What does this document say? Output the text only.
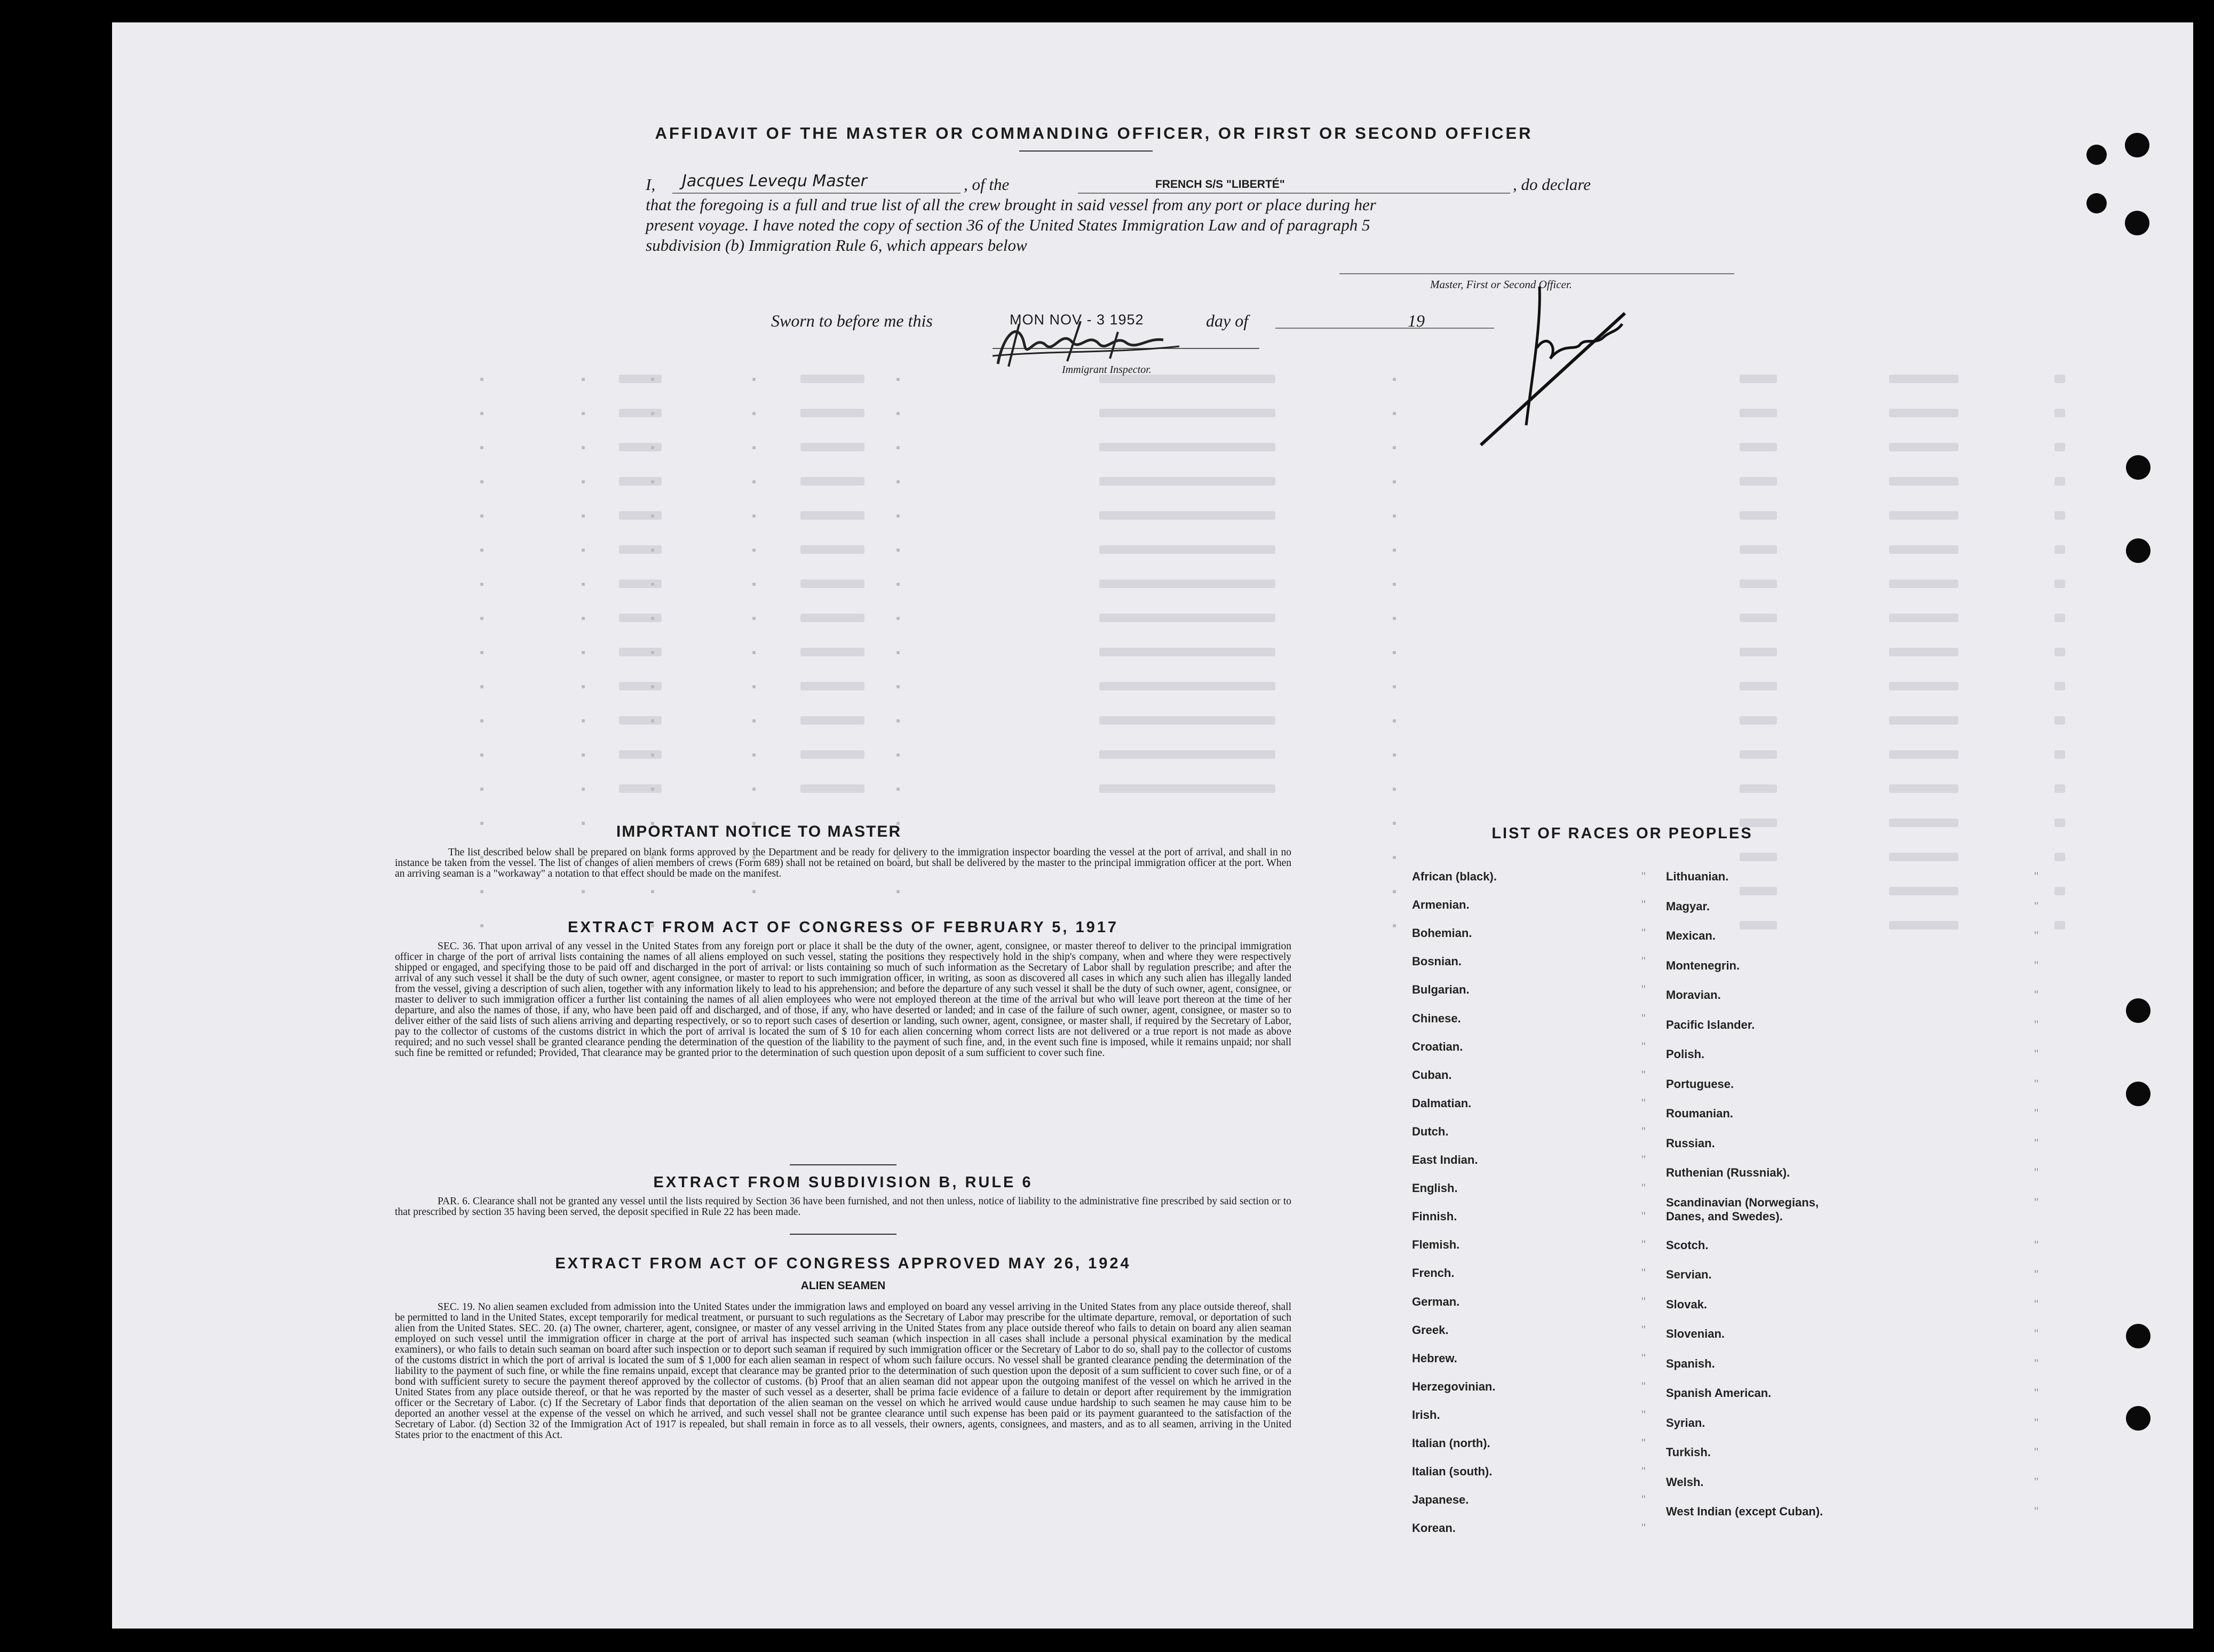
AFFIDAVIT OF THE MASTER OR COMMANDING OFFICER, OR FIRST OR SECOND OFFICER
I, Jacques Levequ Master	, of the	FRENCH S/S "LIBERTÉ"	, do declare
that the foregoing is a full and true list of all the crew brought in said vessel from any port or place during her
present voyage. I have noted the copy of section 36 of the United States Immigration Law and of paragraph 5
subdivision (b) Immigration Rule 6, which appears below
Master, First or Second Officer.
Sworn to before me this	MON NOV - 3 1952	day of	19
Immigrant Inspector.
IMPORTANT NOTICE TO MASTER
The list described below shall be prepared on blank forms approved by the Department and be ready for delivery to the immigration inspector boarding the vessel at the port of arrival, and shall in no instance be taken from the vessel. The list of changes of alien members of crews (Form 689) shall not be retained on board, but shall be delivered by the master to the principal immigration officer at the port. When an arriving seaman is a "workaway" a notation to that effect should be made on the manifest.
EXTRACT FROM ACT OF CONGRESS OF FEBRUARY 5, 1917
SEC. 36. That upon arrival of any vessel in the United States from any foreign port or place it shall be the duty of the owner, agent, consignee, or master thereof to deliver to the principal immigration officer in charge of the port of arrival lists containing the names of all aliens employed on such vessel, stating the positions they respectively hold in the ship's company, when and where they were respectively shipped or engaged, and specifying those to be paid off and discharged in the port of arrival: or lists containing so much of such information as the Secretary of Labor shall by regulation prescribe; and after the arrival of any such vessel it shall be the duty of such owner, agent consignee, or master to report to such immigration officer, in writing, as soon as discovered all cases in which any such alien has illegally landed from the vessel, giving a description of such alien, together with any information likely to lead to his apprehension; and before the departure of any such vessel it shall be the duty of such owner, agent, consignee, or master to deliver to such immigration officer a further list containing the names of all alien employees who were not employed thereon at the time of the arrival but who will leave port thereon at the time of her departure, and also the names of those, if any, who have been paid off and discharged, and of those, if any, who have deserted or landed; and in case of the failure of such owner, agent, consignee, or master so to deliver either of the said lists of such aliens arriving and departing respectively, or so to report such cases of desertion or landing, such owner, agent, consignee, or master shall, if required by the Secretary of Labor, pay to the collector of customs of the customs district in which the port of arrival is located the sum of $ 10 for each alien concerning whom correct lists are not delivered or a true report is not made as above required; and no such vessel shall be granted clearance pending the determination of the question of the liability to the payment of such fine, and, in the event such fine is imposed, while it remains unpaid; nor shall such fine be remitted or refunded; Provided, That clearance may be granted prior to the determination of such question upon deposit of a sum sufficient to cover such fine.
EXTRACT FROM SUBDIVISION B, RULE 6
PAR. 6. Clearance shall not be granted any vessel until the lists required by Section 36 have been furnished, and not then unless, notice of liability to the administrative fine prescribed by said section or to that prescribed by section 35 having been served, the deposit specified in Rule 22 has been made.
EXTRACT FROM ACT OF CONGRESS APPROVED MAY 26, 1924
ALIEN SEAMEN
SEC. 19. No alien seamen excluded from admission into the United States under the immigration laws and employed on board any vessel arriving in the United States from any place outside thereof, shall be permitted to land in the United States, except temporarily for medical treatment, or pursuant to such regulations as the Secretary of Labor may prescribe for the ultimate departure, removal, or deportation of such alien from the United States. SEC. 20. (a) The owner, charterer, agent, consignee, or master of any vessel arriving in the United States from any place outside thereof who fails to detain on board any alien seaman employed on such vessel until the immigration officer in charge at the port of arrival has inspected such seaman (which inspection in all cases shall include a personal physical examination by the medical examiners), or who fails to detain such seaman on board after such inspection or to deport such seaman if required by such immigration officer or the Secretary of Labor to do so, shall pay to the collector of customs of the customs district in which the port of arrival is located the sum of $ 1,000 for each alien seaman in respect of whom such failure occurs. No vessel shall be granted clearance pending the determination of the liability to the payment of such fine, or while the fine remains unpaid, except that clearance may be granted prior to the determination of such question upon the deposit of a sum sufficient to cover such fine, or of a bond with sufficient surety to secure the payment thereof approved by the collector of customs. (b) Proof that an alien seaman did not appear upon the outgoing manifest of the vessel on which he arrived in the United States from any place outside thereof, or that he was reported by the master of such vessel as a deserter, shall be prima facie evidence of a failure to detain or deport after requirement by the immigration officer or the Secretary of Labor. (c) If the Secretary of Labor finds that deportation of the alien seaman on the vessel on which he arrived would cause undue hardship to such seamen he may cause him to be deported an another vessel at the expense of the vessel on which he arrived, and such vessel shall not be grantee clearance until such expense has been paid or its payment guaranteed to the satisfaction of the Secretary of Labor. (d) Section 32 of the Immigration Act of 1917 is repealed, but shall remain in force as to all vessels, their owners, agents, consignees, and masters, and as to all seamen, arriving in the United States prior to the enactment of this Act.
LIST OF RACES OR PEOPLES
African (black).	"
Armenian.	"
Bohemian.	"
Bosnian.	"
Bulgarian.	"
Chinese.	"
Croatian.	"
Cuban.	"
Dalmatian.	"
Dutch.	"
East Indian.	"
English.	"
Finnish.	"
Flemish.	"
French.	"
German.	"
Greek.	"
Hebrew.	"
Herzegovinian.	"
Irish.	"
Italian (north).	"
Italian (south).	"
Japanese.	"
Korean.	"
Lithuanian.	"
Magyar.	"
Mexican.	"
Montenegrin.	"
Moravian.	"
Pacific Islander.	"
Polish.	"
Portuguese.	"
Roumanian.	"
Russian.	"
Ruthenian (Russniak).	"
Scandinavian (Norwegians, Danes, and Swedes).
"
Scotch.	"
Servian.	"
Slovak.	"
Slovenian.	"
Spanish.	"
Spanish American.	"
Syrian.	"
Turkish.	"
Welsh.	"
West Indian (except Cuban).	"
